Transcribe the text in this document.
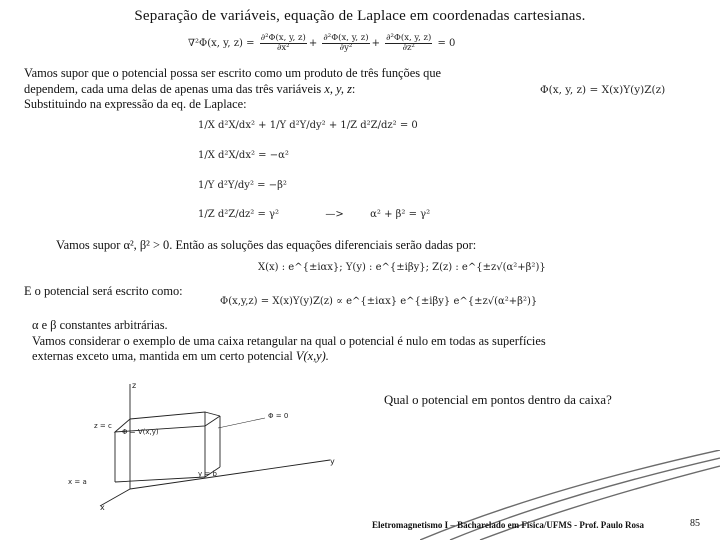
Separação de variáveis, equação de Laplace em coordenadas cartesianas.
∇²Φ(x, y, $z) = \frac{\text{∂²Φ(x, y, z)}}{\text{∂x²}} + \frac{\text{∂²Φ(x, y, z)}}{\text{∂y²}} + \frac{\text{∂²Φ(x, y, z)}}{\text{∂z²}} = 0$
Vamos supor que o potencial possa ser escrito como um produto de três funções que
dependem, cada uma delas de apenas uma das três variáveis x, y, z:
Substituindo na expressão da eq. de Laplace:
Φ(x, y, z) = X(x)Y(y)Z(z)
1/X d²X/dx² + 1/Y d²Y/dy² + 1/Z d²Z/dz² = 0
1/X d²X/dx² = −α²
1/Y d²Y/dy² = −β²
1/Z d²Z/dz² = γ²	—>	α² + β² = γ²
Vamos supor α², β² > 0. Então as soluções das equações diferenciais serão dadas por:
X(x) : e^{±iαx}; Y(y) : e^{±iβy}; Z(z) : e^{±z√(α²+β²)}
E o potencial será escrito como:
Φ(x,y,z) = X(x)Y(y)Z(z) ∝ e^{±iαx} e^{±iβy} e^{±z√(α²+β²)}
α e β constantes arbitrárias.
Vamos considerar o exemplo de uma caixa retangular na qual o potencial é nulo em todas as superfícies
externas exceto uma, mantida em um certo potencial V(x,y).
Qual o potencial em pontos dentro da caixa?
z
y
x
Φ = 0
Φ = V(x,y)
z = c
y = b
x = a
Eletromagnetismo I – Bacharelado em Física/UFMS - Prof. Paulo Rosa	85
